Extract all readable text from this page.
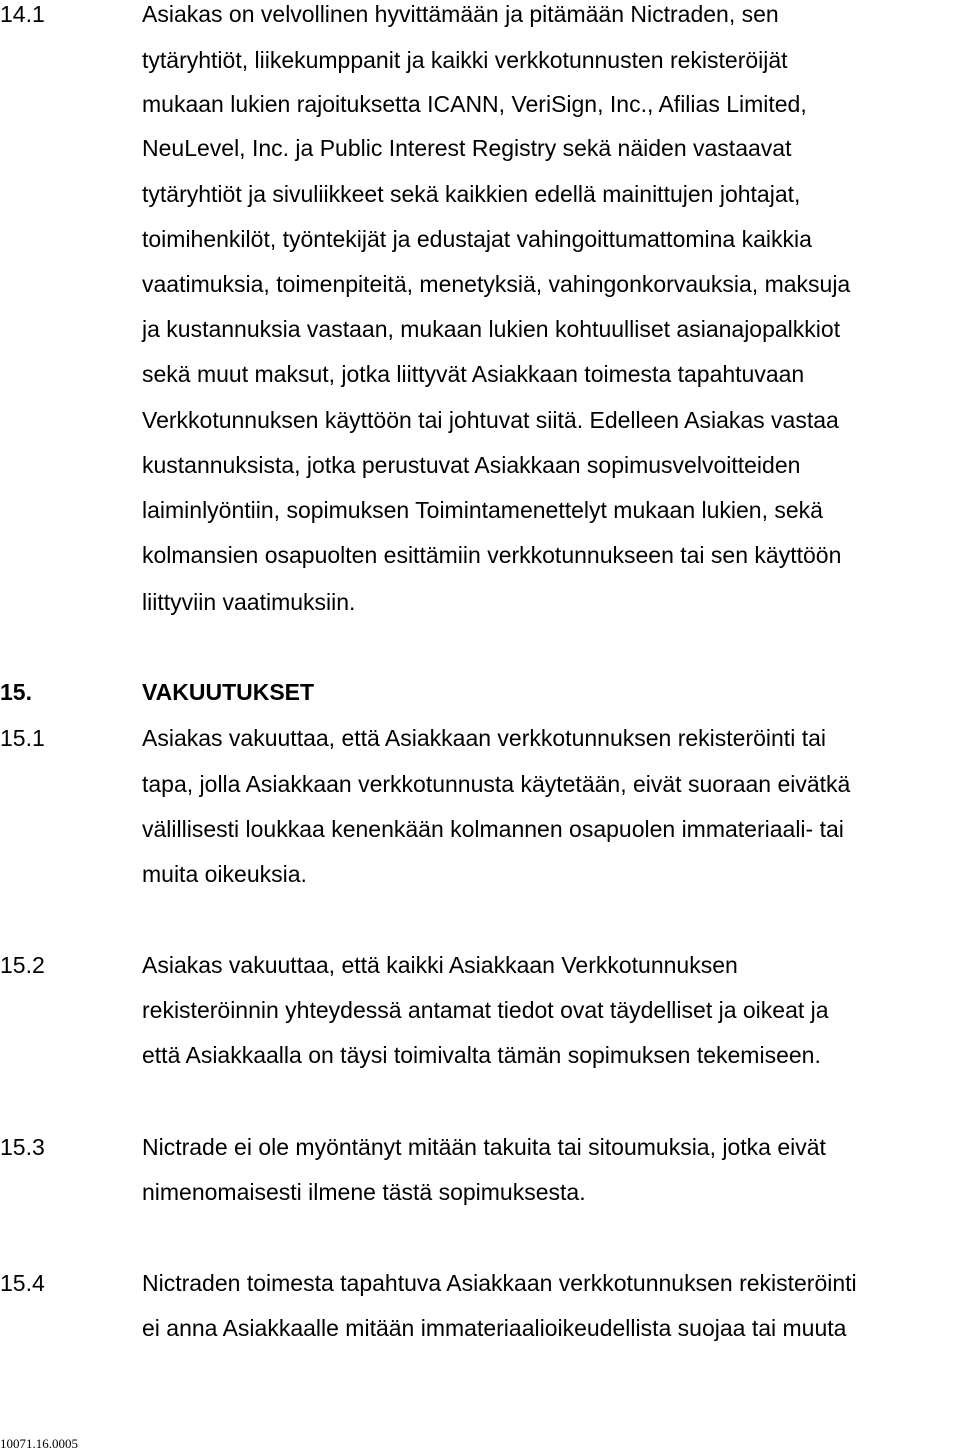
14.1	Asiakas on velvollinen hyvittämään ja pitämään Nictraden, sen
tytäryhtiöt, liikekumppanit ja kaikki verkkotunnusten rekisteröijät
mukaan lukien rajoituksetta ICANN, VeriSign, Inc., Afilias Limited,
NeuLevel, Inc. ja Public Interest Registry sekä näiden vastaavat
tytäryhtiöt ja sivuliikkeet sekä kaikkien edellä mainittujen johtajat,
toimihenkilöt, työntekijät ja edustajat vahingoittumattomina kaikkia
vaatimuksia, toimenpiteitä, menetyksiä, vahingonkorvauksia, maksuja
ja kustannuksia vastaan, mukaan lukien kohtuulliset asianajopalkkiot
sekä muut maksut, jotka liittyvät Asiakkaan toimesta tapahtuvaan
Verkkotunnuksen käyttöön tai johtuvat siitä. Edelleen Asiakas vastaa
kustannuksista, jotka perustuvat Asiakkaan sopimusvelvoitteiden
laiminlyöntiin, sopimuksen Toimintamenettelyt mukaan lukien, sekä
kolmansien osapuolten esittämiin verkkotunnukseen tai sen käyttöön
liittyviin vaatimuksiin.
15.	VAKUUTUKSET
15.1	Asiakas vakuuttaa, että Asiakkaan verkkotunnuksen rekisteröinti tai
tapa, jolla Asiakkaan verkkotunnusta käytetään, eivät suoraan eivätkä
välillisesti loukkaa kenenkään kolmannen osapuolen immateriaali- tai
muita oikeuksia.
15.2	Asiakas vakuuttaa, että kaikki Asiakkaan Verkkotunnuksen
rekisteröinnin yhteydessä antamat tiedot ovat täydelliset ja oikeat ja
että Asiakkaalla on täysi toimivalta tämän sopimuksen tekemiseen.
15.3	Nictrade ei ole myöntänyt mitään takuita tai sitoumuksia, jotka eivät
nimenomaisesti ilmene tästä sopimuksesta.
15.4	Nictraden toimesta tapahtuva Asiakkaan verkkotunnuksen rekisteröinti
ei anna Asiakkaalle mitään immateriaalioikeudellista suojaa tai muuta
10071.16.0005
